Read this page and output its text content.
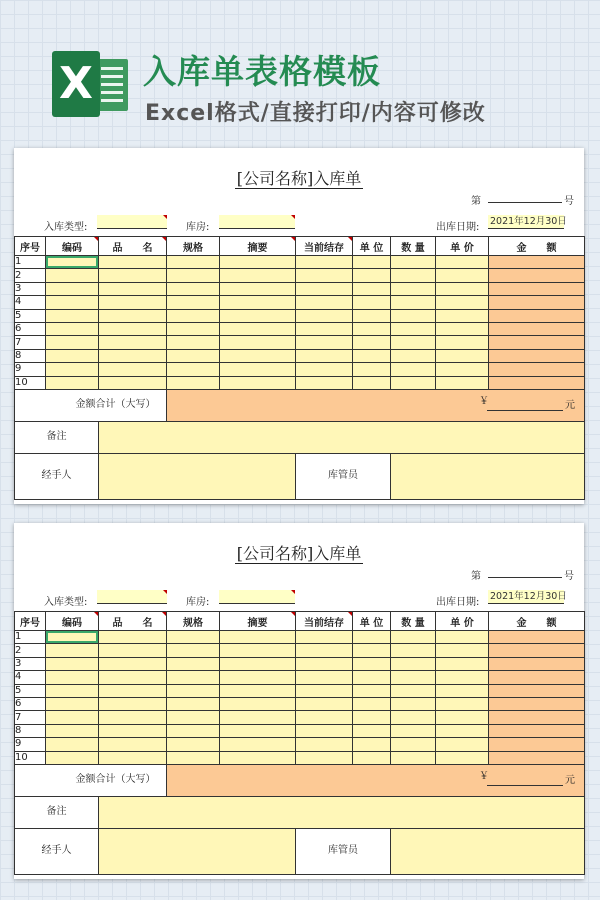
X 入库单表格模板
Excel格式/直接打印/内容可修改
[公司名称]入库单
第	号
入库类型:	库房:	出库日期:
2021年12月30日
序号	编码	品　　名	规格	摘要	当前结存	单 位	数 量	单 价	金　　额
1									
2									
3									
4									
5									
6									
7									
8									
9									
10									
金额合计（大写）			￥ 元						

备注									
经手人					库管员				
[公司名称]入库单
第	号
入库类型:	库房:	出库日期:
2021年12月30日
序号	编码	品　　名	规格	摘要	当前结存	单 位	数 量	单 价	金　　额
1									
2									
3									
4									
5									
6									
7									
8									
9									
10									
金额合计（大写）			￥ 元						

备注									
经手人					库管员				
